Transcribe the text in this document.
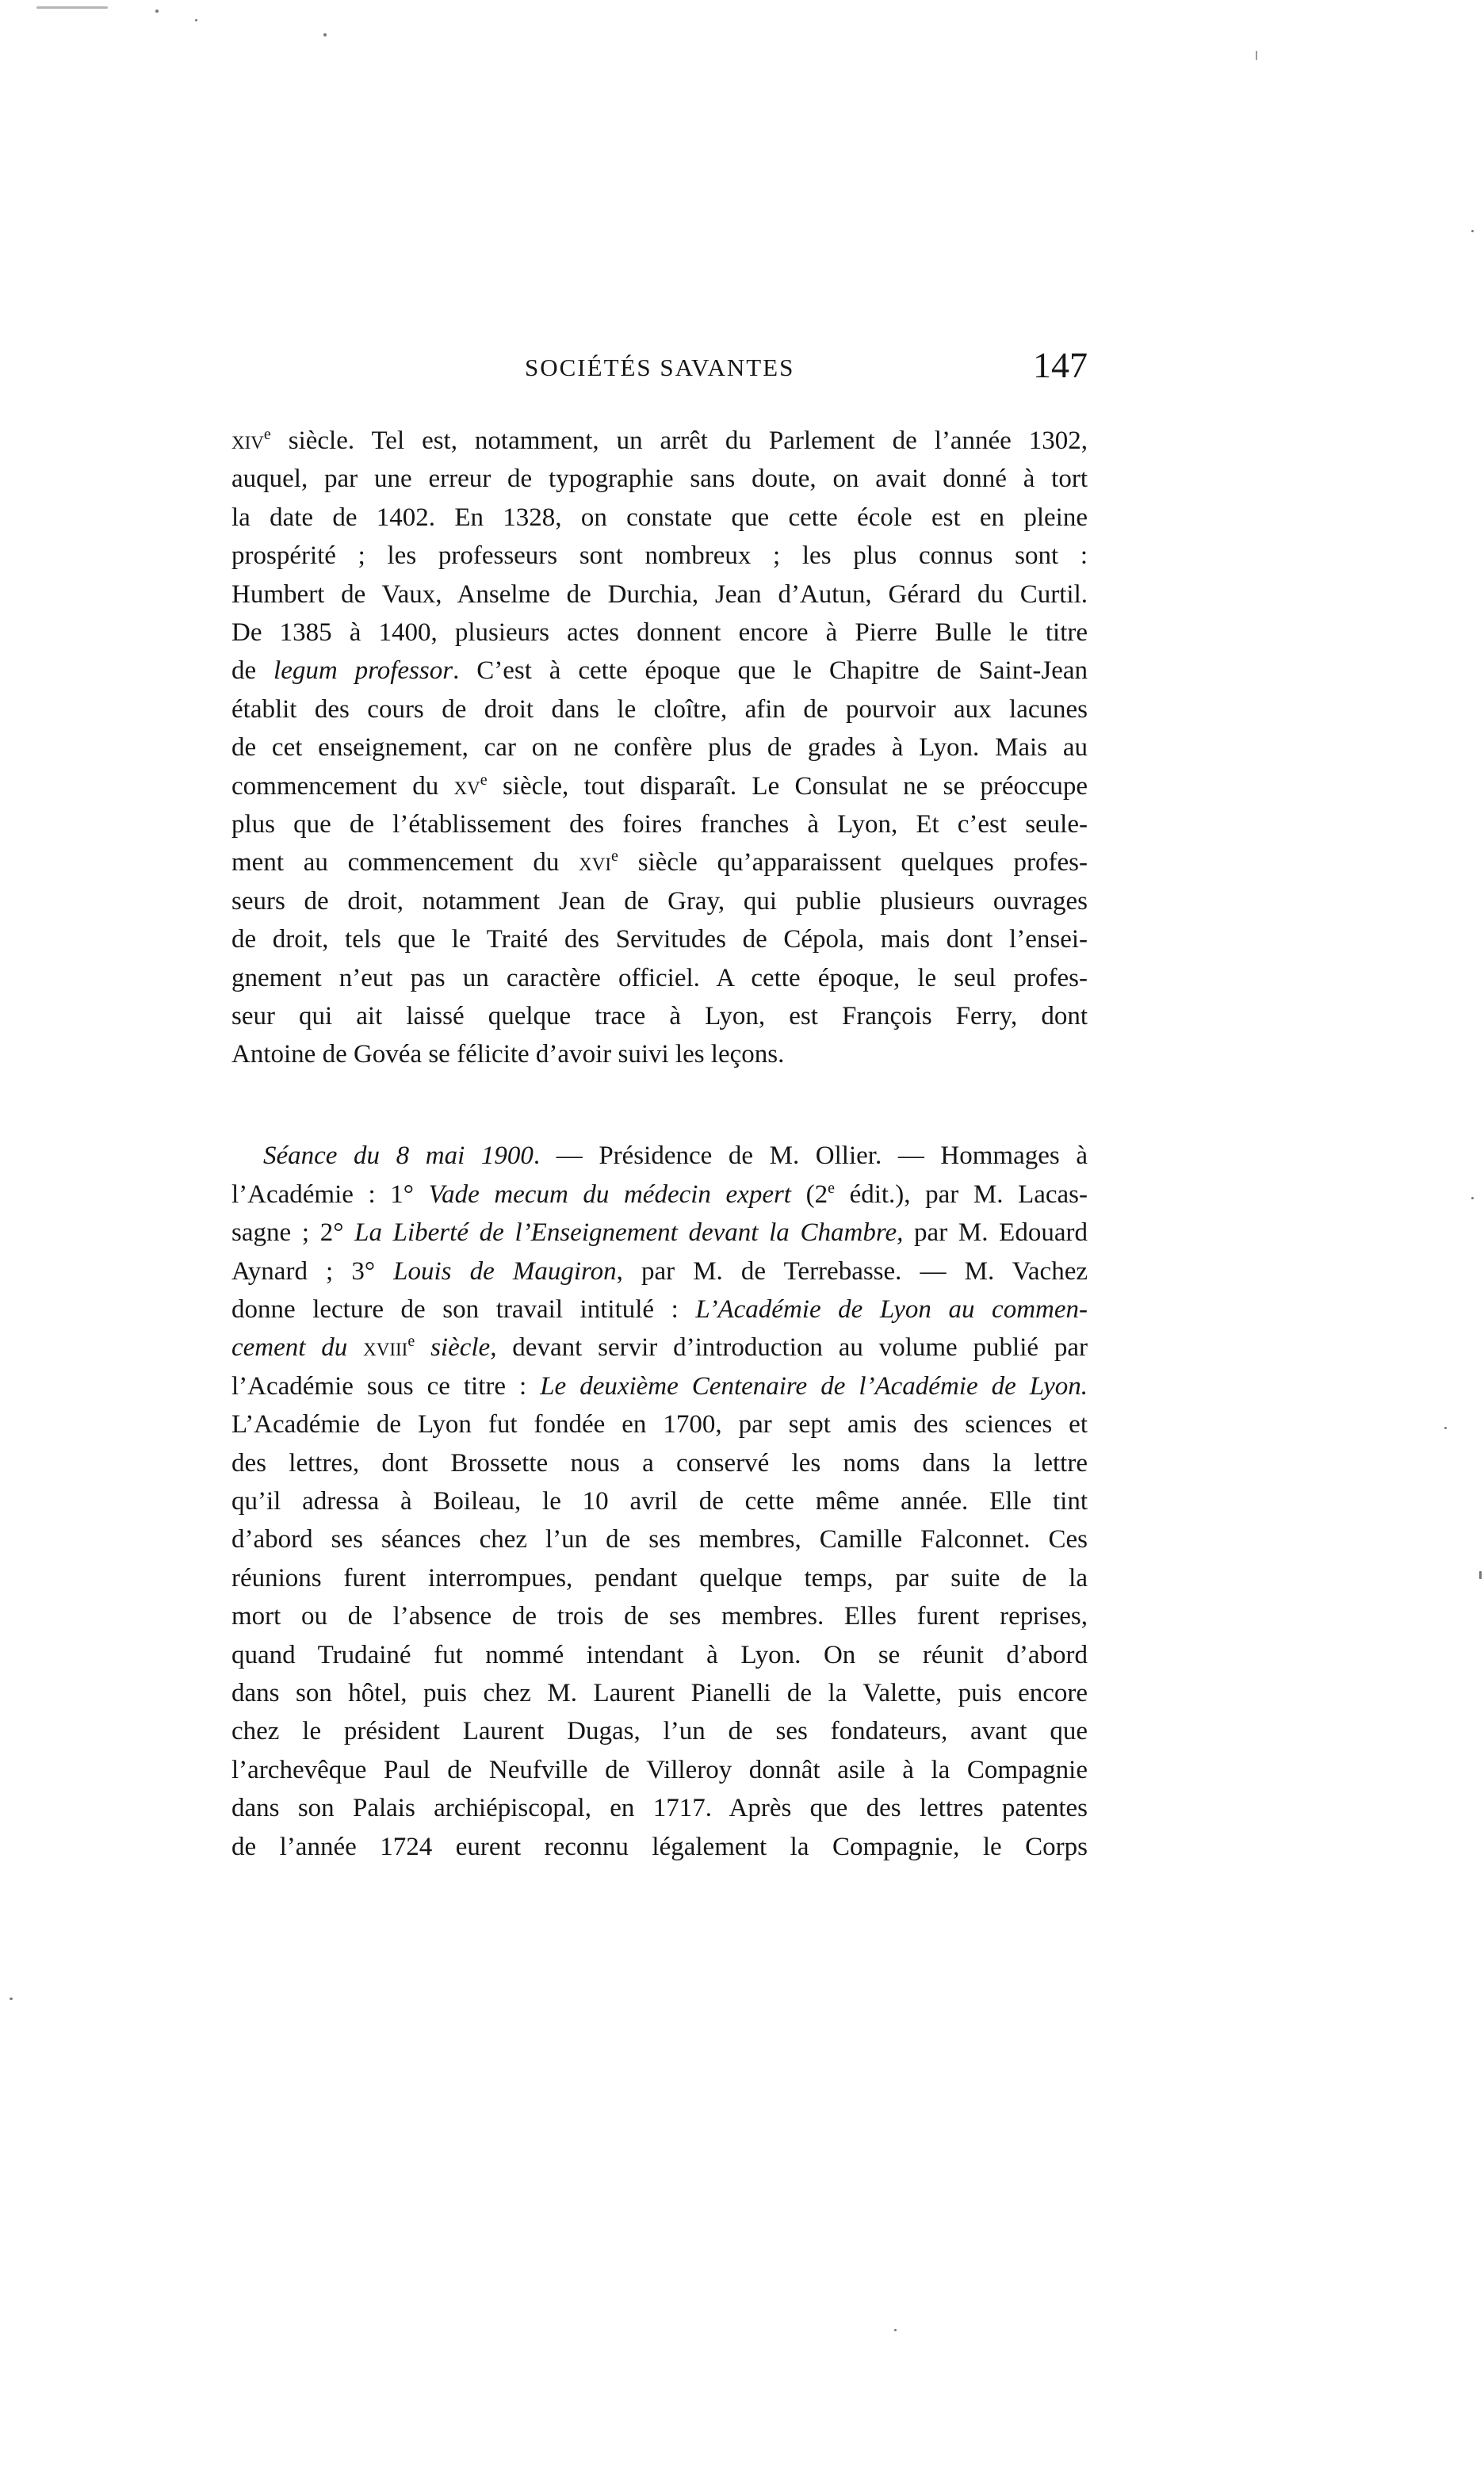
SOCIÉTÉS SAVANTES	147
xiv$^e$ siècle. Tel est, notamment, un arrêt du Parlement de l’année 1302,
auquel, par une erreur de typographie sans doute, on avait donné à tort
la date de 1402. En 1328, on constate que cette école est en pleine
prospérité ; les professeurs sont nombreux ; les plus connus sont :
Humbert de Vaux, Anselme de Durchia, Jean d’Autun, Gérard du Curtil.
De 1385 à 1400, plusieurs actes donnent encore à Pierre Bulle le titre
de legum professor. C’est à cette époque que le Chapitre de Saint-Jean
établit des cours de droit dans le cloître, afin de pourvoir aux lacunes
de cet enseignement, car on ne confère plus de grades à Lyon. Mais au
commencement du $xv^e$ siècle, tout disparaît. Le Consulat ne se préoccupe
plus que de l’établissement des foires franches à Lyon, Et c’est seule-
ment au commencement du xvi$^e$ siècle qu’apparaissent quelques profes-
seurs de droit, notamment Jean de Gray, qui publie plusieurs ouvrages
de droit, tels que le Traité des Servitudes de Cépola, mais dont l’ensei-
gnement n’eut pas un caractère officiel. A cette époque, le seul profes-
seur qui ait laissé quelque trace à Lyon, est François Ferry, dont
Antoine de Govéa se félicite d’avoir suivi les leçons.
Séance du 8 mai 1900. — Présidence de M. Ollier. — Hommages à
l’Académie : 1° Vade mecum du médecin expert (2e édit.), par M. Lacas-
sagne ; 2° La Liberté de l’Enseignement devant la Chambre, par M. Edouard
Aynard ; 3° Louis de Maugiron, par M. de Terrebasse. — M. Vachez
donne lecture de son travail intitulé : L’Académie de Lyon au commen-
cement du xviii$^e$ siècle, devant servir d’introduction au volume publié par
l’Académie sous ce titre : Le deuxième Centenaire de l’Académie de Lyon.
L’Académie de Lyon fut fondée en 1700, par sept amis des sciences et
des lettres, dont Brossette nous a conservé les noms dans la lettre
qu’il adressa à Boileau, le 10 avril de cette même année. Elle tint
d’abord ses séances chez l’un de ses membres, Camille Falconnet. Ces
réunions furent interrompues, pendant quelque temps, par suite de la
mort ou de l’absence de trois de ses membres. Elles furent reprises,
quand Trudainé fut nommé intendant à Lyon. On se réunit d’abord
dans son hôtel, puis chez M. Laurent Pianelli de la Valette, puis encore
chez le président Laurent Dugas, l’un de ses fondateurs, avant que
l’archevêque Paul de Neufville de Villeroy donnât asile à la Compagnie
dans son Palais archiépiscopal, en 1717. Après que des lettres patentes
de l’année 1724 eurent reconnu légalement la Compagnie, le Corps
